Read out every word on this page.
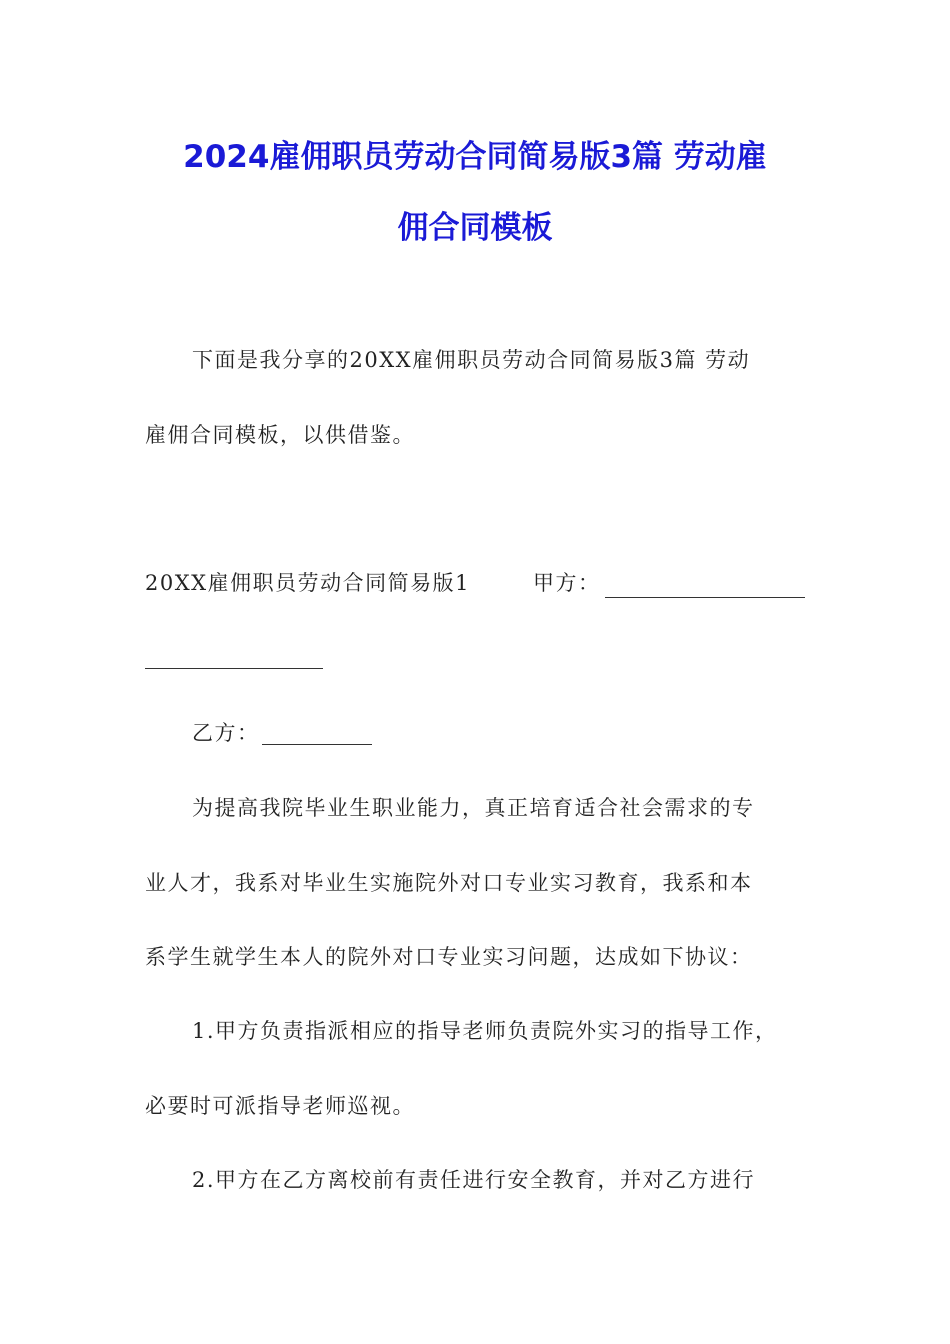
2024雇佣职员劳动合同简易版3篇 劳动雇
佣合同模板
下面是我分享的20XX雇佣职员劳动合同简易版3篇 劳动
雇佣合同模板，以供借鉴。
20XX雇佣职员劳动合同简易版1	甲方：
乙方：
为提高我院毕业生职业能力，真正培育适合社会需求的专
业人才，我系对毕业生实施院外对口专业实习教育，我系和本
系学生就学生本人的院外对口专业实习问题，达成如下协议：
1.甲方负责指派相应的指导老师负责院外实习的指导工作，
必要时可派指导老师巡视。
2.甲方在乙方离校前有责任进行安全教育，并对乙方进行
